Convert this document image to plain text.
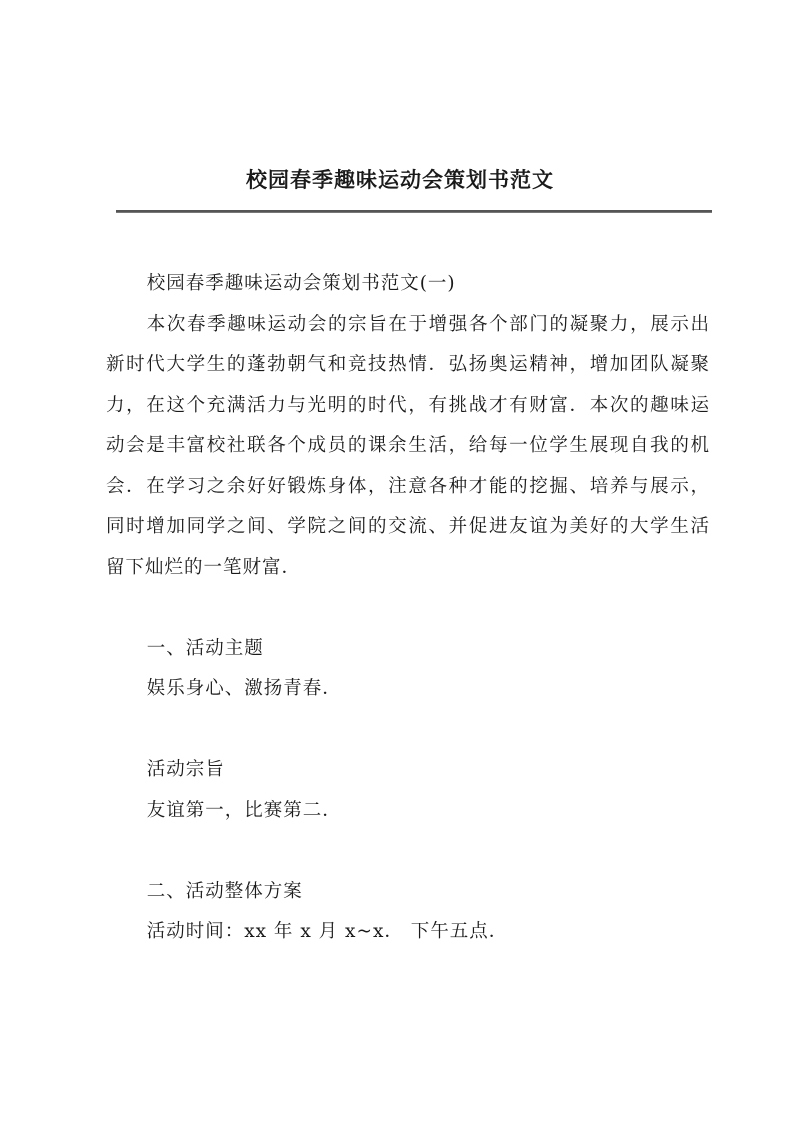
校园春季趣味运动会策划书范文

校园春季趣味运动会策划书范文(一)

本次春季趣味运动会的宗旨在于增强各个部门的凝聚力，展示出新时代大学生的蓬勃朝气和竞技热情．弘扬奥运精神，增加团队凝聚力，在这个充满活力与光明的时代，有挑战才有财富．本次的趣味运动会是丰富校社联各个成员的课余生活，给每一位学生展现自我的机会．在学习之余好好锻炼身体，注意各种才能的挖掘、培养与展示，同时增加同学之间、学院之间的交流、并促进友谊为美好的大学生活留下灿烂的一笔财富．

一、活动主题

娱乐身心、激扬青春．

活动宗旨

友谊第一，比赛第二．

二、活动整体方案

活动时间：xx 年 x 月 x~x． 下午五点．
